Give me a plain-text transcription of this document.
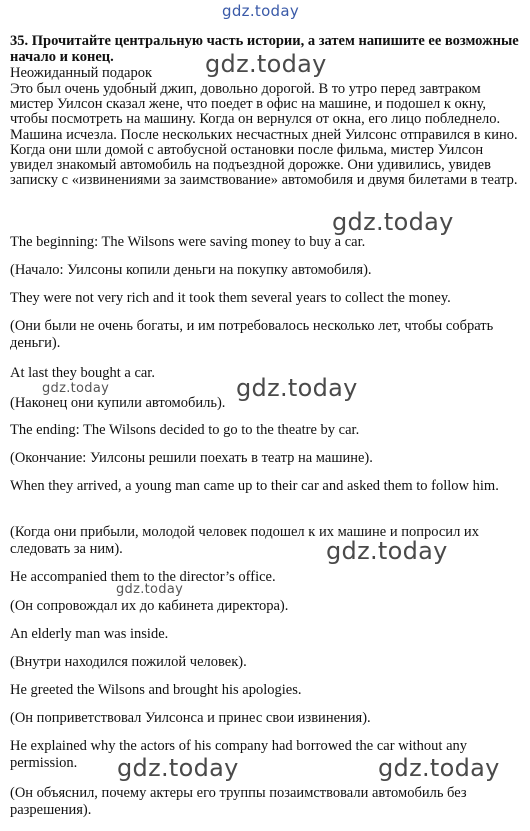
gdz.today
gdz.today
gdz.today
gdz.today
gdz.today
gdz.today
gdz.today
gdz.today	gdz.today
35. Прочитайте центральную часть истории, а затем напишите ее возможные начало и конец.
Неожиданный подарок
Это был очень удобный джип, довольно дорогой. В то утро перед завтраком мистер Уилсон сказал жене, что поедет в офис на машине, и подошел к окну, чтобы посмотреть на машину. Когда он вернулся от окна, его лицо побледнело. Машина исчезла. После нескольких несчастных дней Уилсонс отправился в кино. Когда они шли домой с автобусной остановки после фильма, мистер Уилсон увидел знакомый автомобиль на подъездной дорожке. Они удивились, увидев записку с «извинениями за заимствование» автомобиля и двумя билетами в театр.
The beginning: The Wilsons were saving money to buy a car.
(Начало: Уилсоны копили деньги на покупку автомобиля).
They were not very rich and it took them several years to collect the money.
(Они были не очень богаты, и им потребовалось несколько лет, чтобы собрать деньги).
At last they bought a car.
(Наконец они купили автомобиль).
The ending: The Wilsons decided to go to the theatre by car.
(Окончание: Уилсоны решили поехать в театр на машине).
When they arrived, a young man came up to their car and asked them to follow him.
(Когда они прибыли, молодой человек подошел к их машине и попросил их следовать за ним).
He accompanied them to the director’s office.
(Он сопровождал их до кабинета директора).
An elderly man was inside.
(Внутри находился пожилой человек).
He greeted the Wilsons and brought his apologies.
(Он поприветствовал Уилсонса и принес свои извинения).
He explained why the actors of his company had borrowed the car without any permission.
(Он объяснил, почему актеры его труппы позаимствовали автомобиль без разрешения).
